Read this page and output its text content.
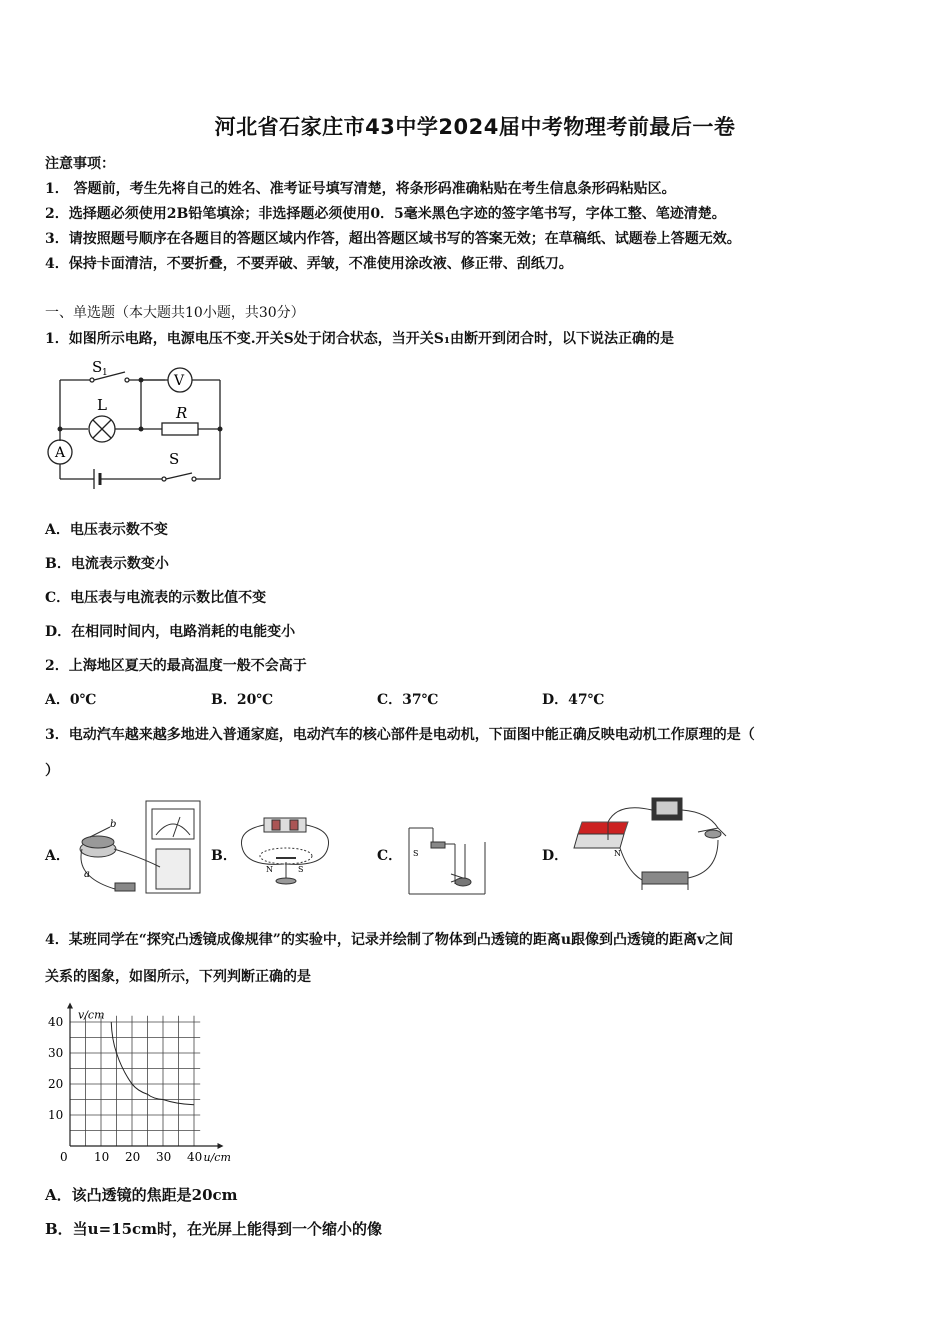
河北省石家庄市43中学2024届中考物理考前最后一卷
注意事项：
1． 答题前，考生先将自己的姓名、准考证号填写清楚，将条形码准确粘贴在考生信息条形码粘贴区。
2．选择题必须使用2B铅笔填涂；非选择题必须使用0．5毫米黑色字迹的签字笔书写，字体工整、笔迹清楚。
3．请按照题号顺序在各题目的答题区域内作答，超出答题区域书写的答案无效；在草稿纸、试题卷上答题无效。
4．保持卡面清洁，不要折叠，不要弄破、弄皱，不准使用涂改液、修正带、刮纸刀。
一、单选题（本大题共10小题，共30分）
1．如图所示电路，电源电压不变.开关S处于闭合状态，当开关S₁由断开到闭合时，以下说法正确的是
S 1	V
L	R
A	S
A．电压表示数不变
B．电流表示数变小
C．电压表与电流表的示数比值不变
D．在相同时间内，电路消耗的电能变小
2．上海地区夏天的最高温度一般不会高于
A．0℃	B．20℃	C．37℃	D．47℃
3．电动汽车越来越多地进入普通家庭，电动汽车的核心部件是电动机，下面图中能正确反映电动机工作原理的是（
）
A．
b
a
B．
N	S
C． S	D．	N
4．某班同学在“探究凸透镜成像规律”的实验中，记录并绘制了物体到凸透镜的距离u跟像到凸透镜的距离v之间
关系的图象，如图所示，下列判断正确的是
0 10 20 30 40
10
20
30
40 v/cm
u/cm
A．该凸透镜的焦距是20cm
B．当u=15cm时，在光屏上能得到一个缩小的像
